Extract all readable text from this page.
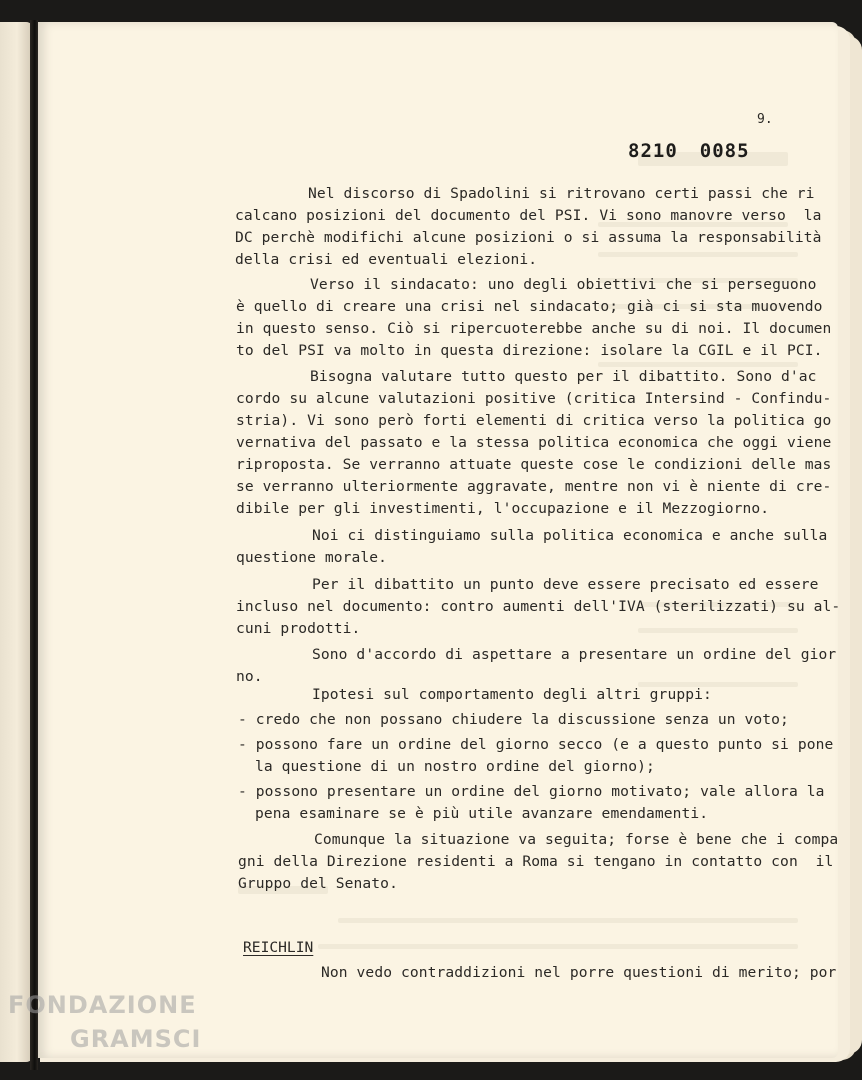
9.
8210 0085
Nel discorso di Spadolini si ritrovano certi passi che ri
calcano posizioni del documento del PSI. Vi sono manovre verso  la
DC perchè modifichi alcune posizioni o si assuma la responsabilità
della crisi ed eventuali elezioni.
Verso il sindacato: uno degli obiettivi che si perseguono
è quello di creare una crisi nel sindacato; già ci si sta muovendo
in questo senso. Ciò si ripercuoterebbe anche su di noi. Il documen
to del PSI va molto in questa direzione: isolare la CGIL e il PCI.
Bisogna valutare tutto questo per il dibattito. Sono d'ac
cordo su alcune valutazioni positive (critica Intersind - Confindu-
stria). Vi sono però forti elementi di critica verso la politica go
vernativa del passato e la stessa politica economica che oggi viene
riproposta. Se verranno attuate queste cose le condizioni delle mas
se verranno ulteriormente aggravate, mentre non vi è niente di cre-
dibile per gli investimenti, l'occupazione e il Mezzogiorno.
Noi ci distinguiamo sulla politica economica e anche sulla
questione morale.
Per il dibattito un punto deve essere precisato ed essere
incluso nel documento: contro aumenti dell'IVA (sterilizzati) su al-
cuni prodotti.
Sono d'accordo di aspettare a presentare un ordine del gior
no.
Ipotesi sul comportamento degli altri gruppi:
- credo che non possano chiudere la discussione senza un voto;
- possono fare un ordine del giorno secco (e a questo punto si pone
la questione di un nostro ordine del giorno);
- possono presentare un ordine del giorno motivato; vale allora la
pena esaminare se è più utile avanzare emendamenti.
Comunque la situazione va seguita; forse è bene che i compa
gni della Direzione residenti a Roma si tengano in contatto con  il
Gruppo del Senato.
REICHLIN
Non vedo contraddizioni nel porre questioni di merito; por
FONDAZIONE
GRAMSCI
